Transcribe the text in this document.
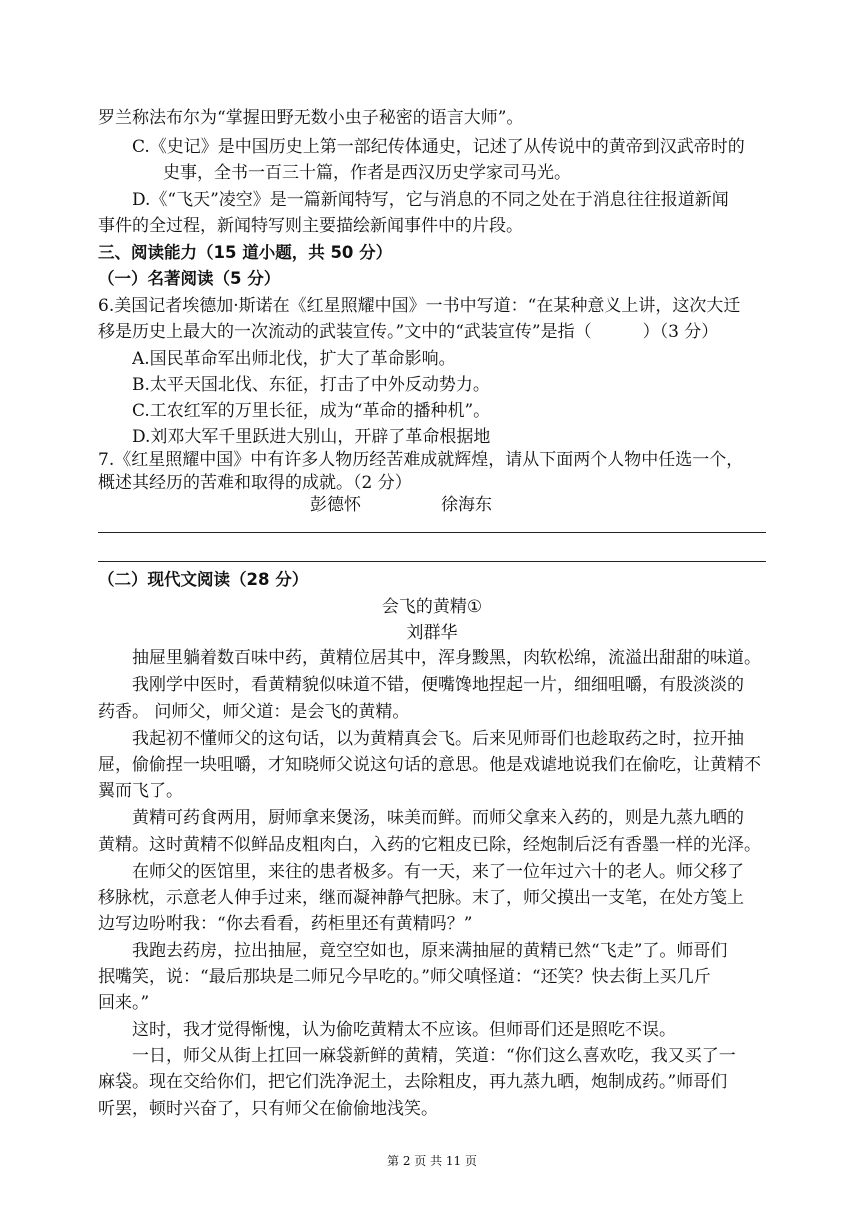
罗兰称法布尔为“掌握田野无数小虫子秘密的语言大师”。
C.《史记》是中国历史上第一部纪传体通史，记述了从传说中的黄帝到汉武帝时的
史事，全书一百三十篇，作者是西汉历史学家司马光。
D.《“飞天”凌空》是一篇新闻特写，它与消息的不同之处在于消息往往报道新闻
事件的全过程，新闻特写则主要描绘新闻事件中的片段。
三、阅读能力（15 道小题，共 50 分）
（一）名著阅读（5 分）
6.美国记者埃德加·斯诺在《红星照耀中国》一书中写道：“在某种意义上讲，这次大迁
移是历史上最大的一次流动的武装宣传。”文中的“武装宣传”是指（　　　）（3 分）
A.国民革命军出师北伐，扩大了革命影响。
B.太平天国北伐、东征，打击了中外反动势力。
C.工农红军的万里长征，成为“革命的播种机”。
D.刘邓大军千里跃进大别山，开辟了革命根据地
7.《红星照耀中国》中有许多人物历经苦难成就辉煌，请从下面两个人物中任选一个，
概述其经历的苦难和取得的成就。（2 分）
彭德怀	徐海东
（二）现代文阅读（28 分）
会飞的黄精①
刘群华
抽屉里躺着数百味中药，黄精位居其中，浑身黢黑，肉软松绵，流溢出甜甜的味道。
我刚学中医时，看黄精貌似味道不错，便嘴馋地捏起一片，细细咀嚼，有股淡淡的
药香。 问师父，师父道：是会飞的黄精。
我起初不懂师父的这句话，以为黄精真会飞。后来见师哥们也趁取药之时，拉开抽
屉，偷偷捏一块咀嚼，才知晓师父说这句话的意思。他是戏谑地说我们在偷吃，让黄精不
翼而飞了。
黄精可药食两用，厨师拿来煲汤，味美而鲜。而师父拿来入药的，则是九蒸九晒的
黄精。这时黄精不似鲜品皮粗肉白，入药的它粗皮已除，经炮制后泛有香墨一样的光泽。
在师父的医馆里，来往的患者极多。有一天，来了一位年过六十的老人。师父移了
移脉枕，示意老人伸手过来，继而凝神静气把脉。末了，师父摸出一支笔，在处方笺上
边写边吩咐我：“你去看看，药柜里还有黄精吗？”
我跑去药房，拉出抽屉，竟空空如也，原来满抽屉的黄精已然“飞走”了。师哥们
抿嘴笑，说：“最后那块是二师兄今早吃的。”师父嗔怪道：“还笑？快去街上买几斤
回来。”
这时，我才觉得惭愧，认为偷吃黄精太不应该。但师哥们还是照吃不误。
一日，师父从街上扛回一麻袋新鲜的黄精，笑道：“你们这么喜欢吃，我又买了一
麻袋。现在交给你们，把它们洗净泥土，去除粗皮，再九蒸九晒，炮制成药。”师哥们
听罢，顿时兴奋了，只有师父在偷偷地浅笑。
第 2 页 共 11 页
